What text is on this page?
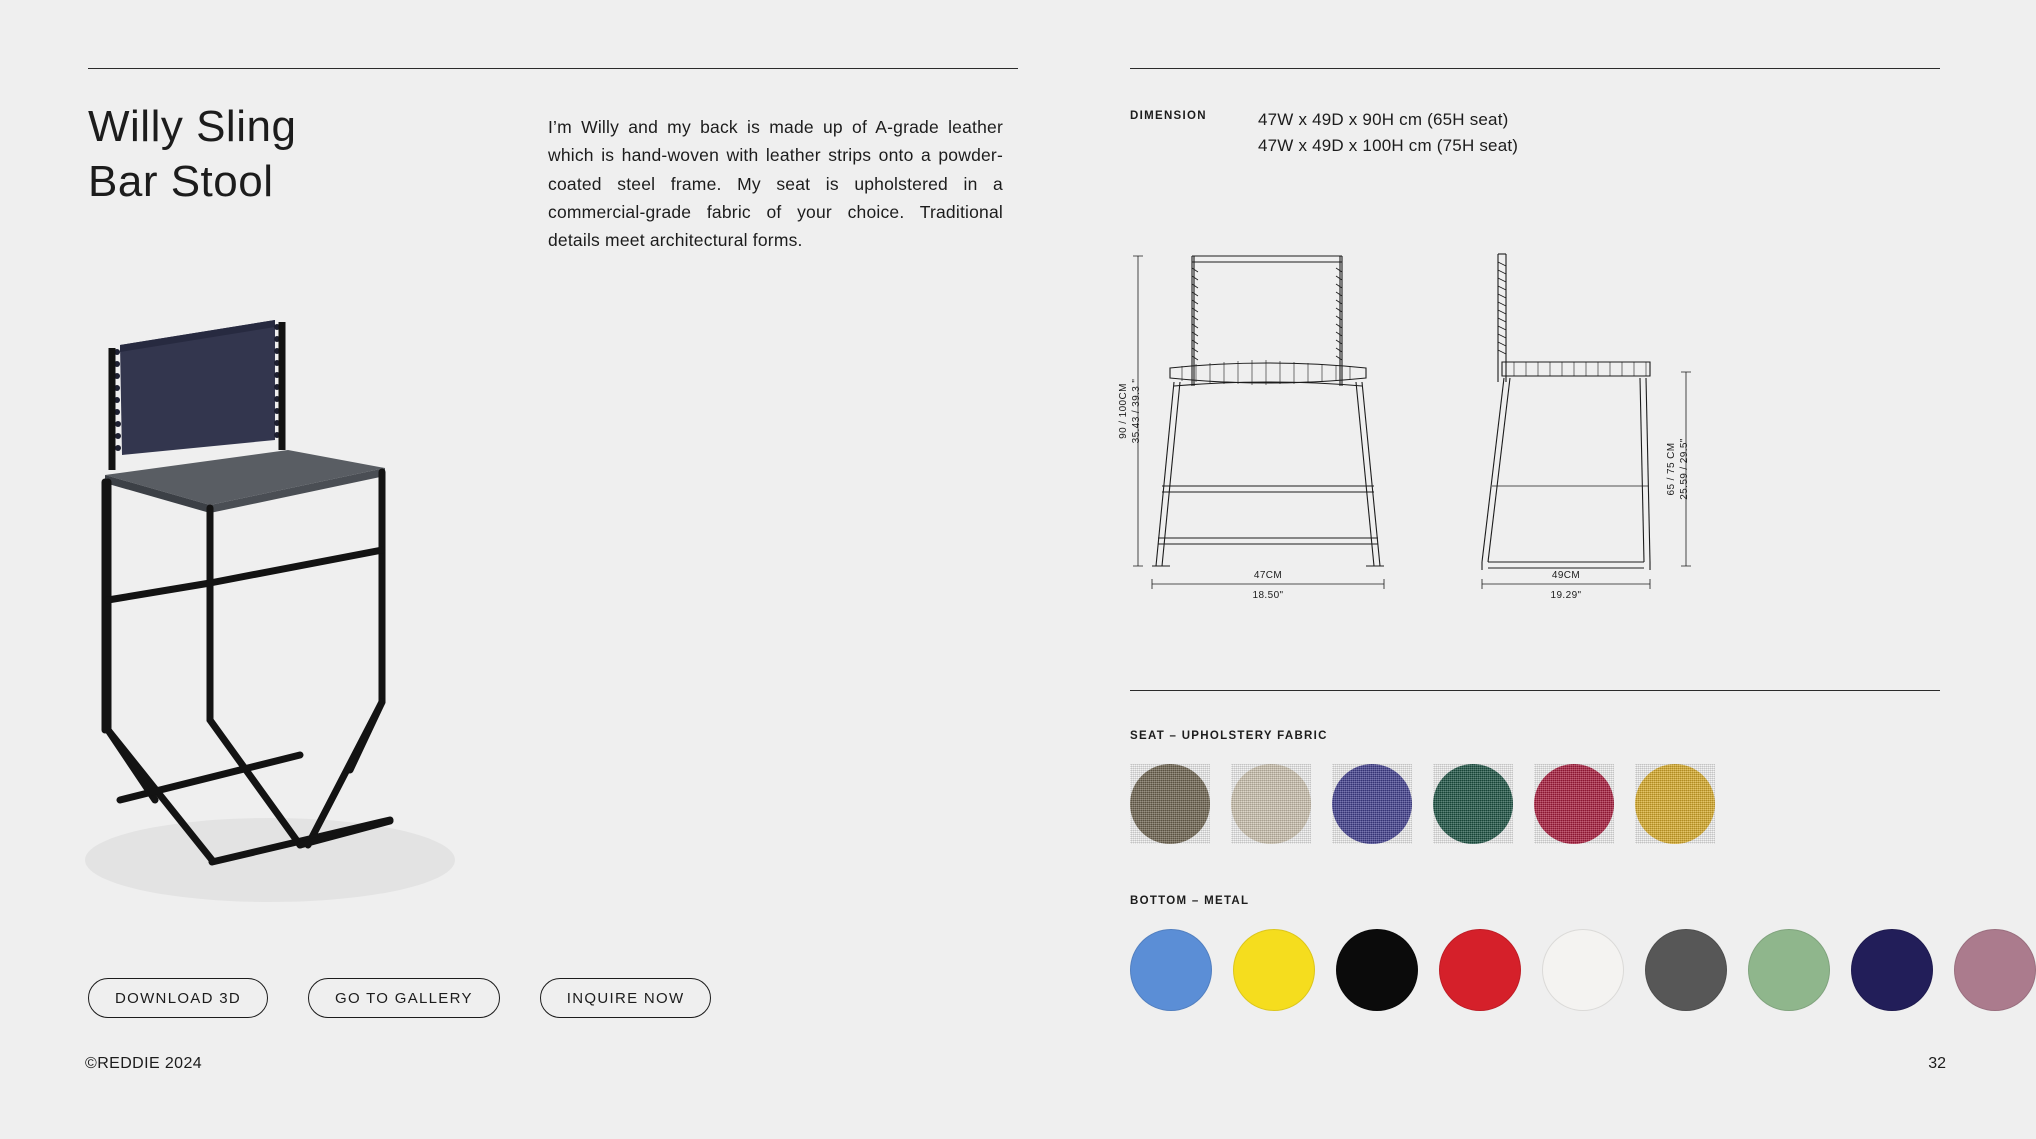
Willy Sling
Bar Stool
I’m Willy and my back is made up of A-grade leather which is hand-woven with leather strips onto a powder-coated steel frame. My seat is upholstered in a commercial-grade fabric of your choice. Traditional details meet architectural forms.
DOWNLOAD 3D	GO TO GALLERY	INQUIRE NOW
©REDDIE 2024	32
DIMENSION	47W x 49D x 90H cm (65H seat)
47W x 49D x 100H cm (75H seat)
90 / 100CM 35.43 / 39.3 "
47CM
18.50"
65 / 75 CM 25.59 / 29.5"
49CM
19.29"
SEAT – UPHOLSTERY FABRIC
BOTTOM – METAL
